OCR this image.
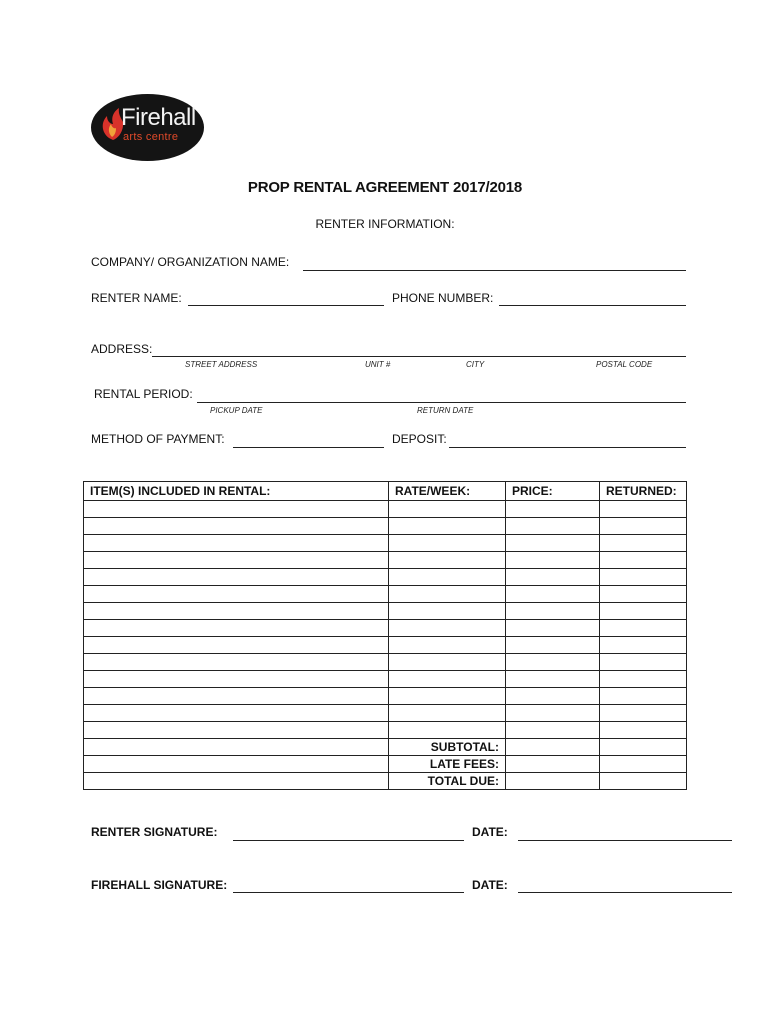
Firehall
arts centre
PROP RENTAL AGREEMENT 2017/2018
RENTER INFORMATION:
COMPANY/ ORGANIZATION NAME:
RENTER NAME:	PHONE NUMBER:
ADDRESS:
STREET ADDRESS	UNIT #	CITY	POSTAL CODE
RENTAL PERIOD:
PICKUP DATE	RETURN DATE
METHOD OF PAYMENT:	DEPOSIT:
ITEM(S) INCLUDED IN RENTAL:	RATE/WEEK:	PRICE:	RETURNED:

	SUBTOTAL:		
	LATE FEES:		
	TOTAL DUE:		
RENTER SIGNATURE:	DATE:
FIREHALL SIGNATURE:	DATE:
